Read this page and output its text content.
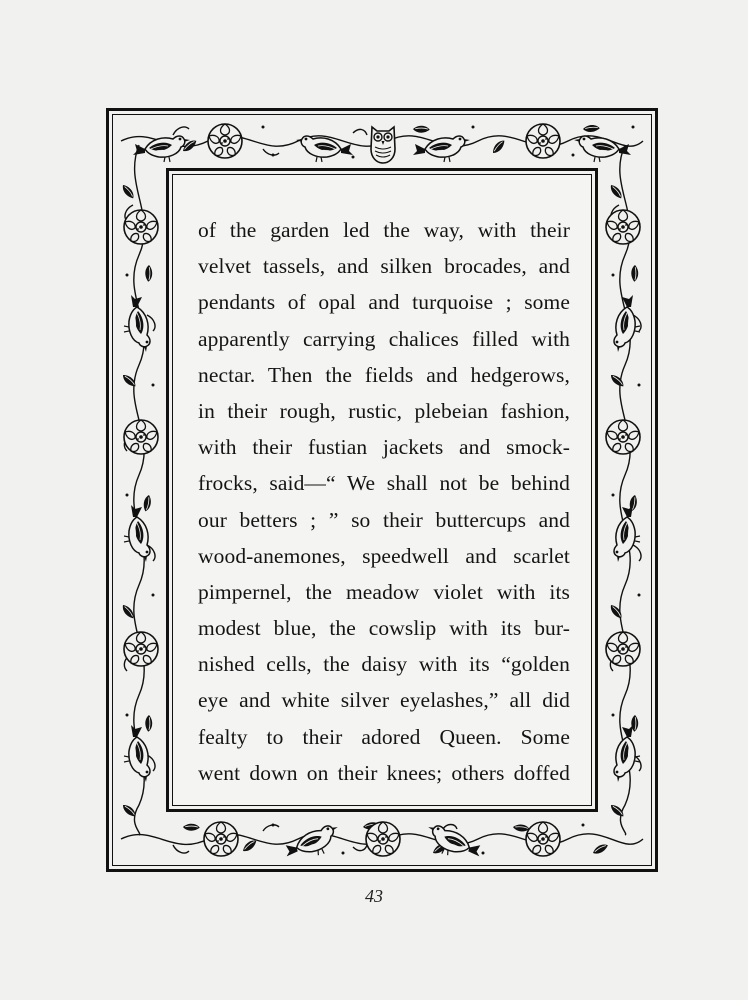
of the garden led the way, with their
velvet tassels, and silken brocades, and
pendants of opal and turquoise ; some
apparently carrying chalices filled with
nectar. Then the fields and hedgerows,
in their rough, rustic, plebeian fashion,
with their fustian jackets and smock-
frocks, said—“ We shall not be behind
our betters ; ” so their buttercups and
wood-anemones, speedwell and scarlet
pimpernel, the meadow violet with its
modest blue, the cowslip with its bur-
nished cells, the daisy with its “golden
eye and white silver eyelashes,” all did
fealty to their adored Queen. Some
went down on their knees; others doffed
43
